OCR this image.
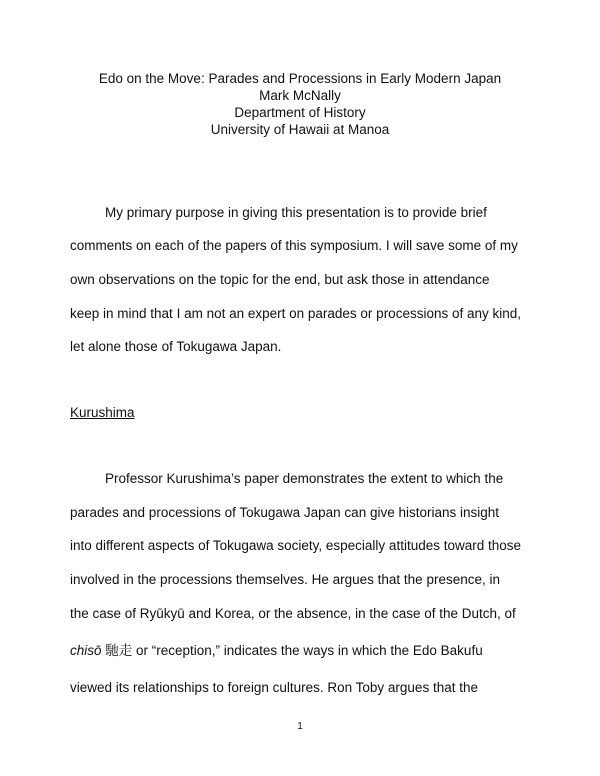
Edo on the Move: Parades and Processions in Early Modern Japan
Mark McNally
Department of History
University of Hawaii at Manoa
My primary purpose in giving this presentation is to provide brief
comments on each of the papers of this symposium. I will save some of my
own observations on the topic for the end, but ask those in attendance
keep in mind that I am not an expert on parades or processions of any kind,
let alone those of Tokugawa Japan.
Kurushima
Professor Kurushima’s paper demonstrates the extent to which the
parades and processions of Tokugawa Japan can give historians insight
into different aspects of Tokugawa society, especially attitudes toward those
involved in the processions themselves. He argues that the presence, in
the case of Ryūkyū and Korea, or the absence, in the case of the Dutch, of
chisō 馳走 or “reception,” indicates the ways in which the Edo Bakufu
viewed its relationships to foreign cultures. Ron Toby argues that the
1
